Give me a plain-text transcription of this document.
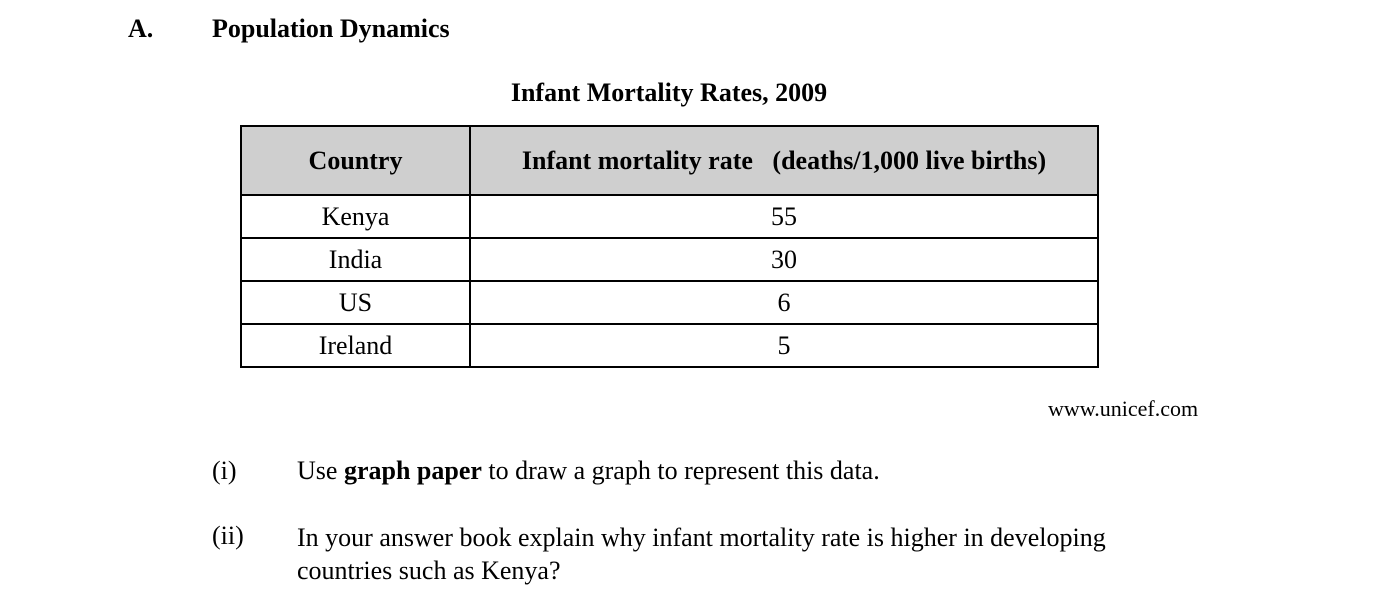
A. Population Dynamics
Infant Mortality Rates, 2009
Country	Infant mortality rate   (deaths/1,000 live births)
Kenya	55
India	30
US	6
Ireland	5
www.unicef.com
(i) Use graph paper to draw a graph to represent this data.
(ii) In your answer book explain why infant mortality rate is higher in developing
countries such as Kenya?
